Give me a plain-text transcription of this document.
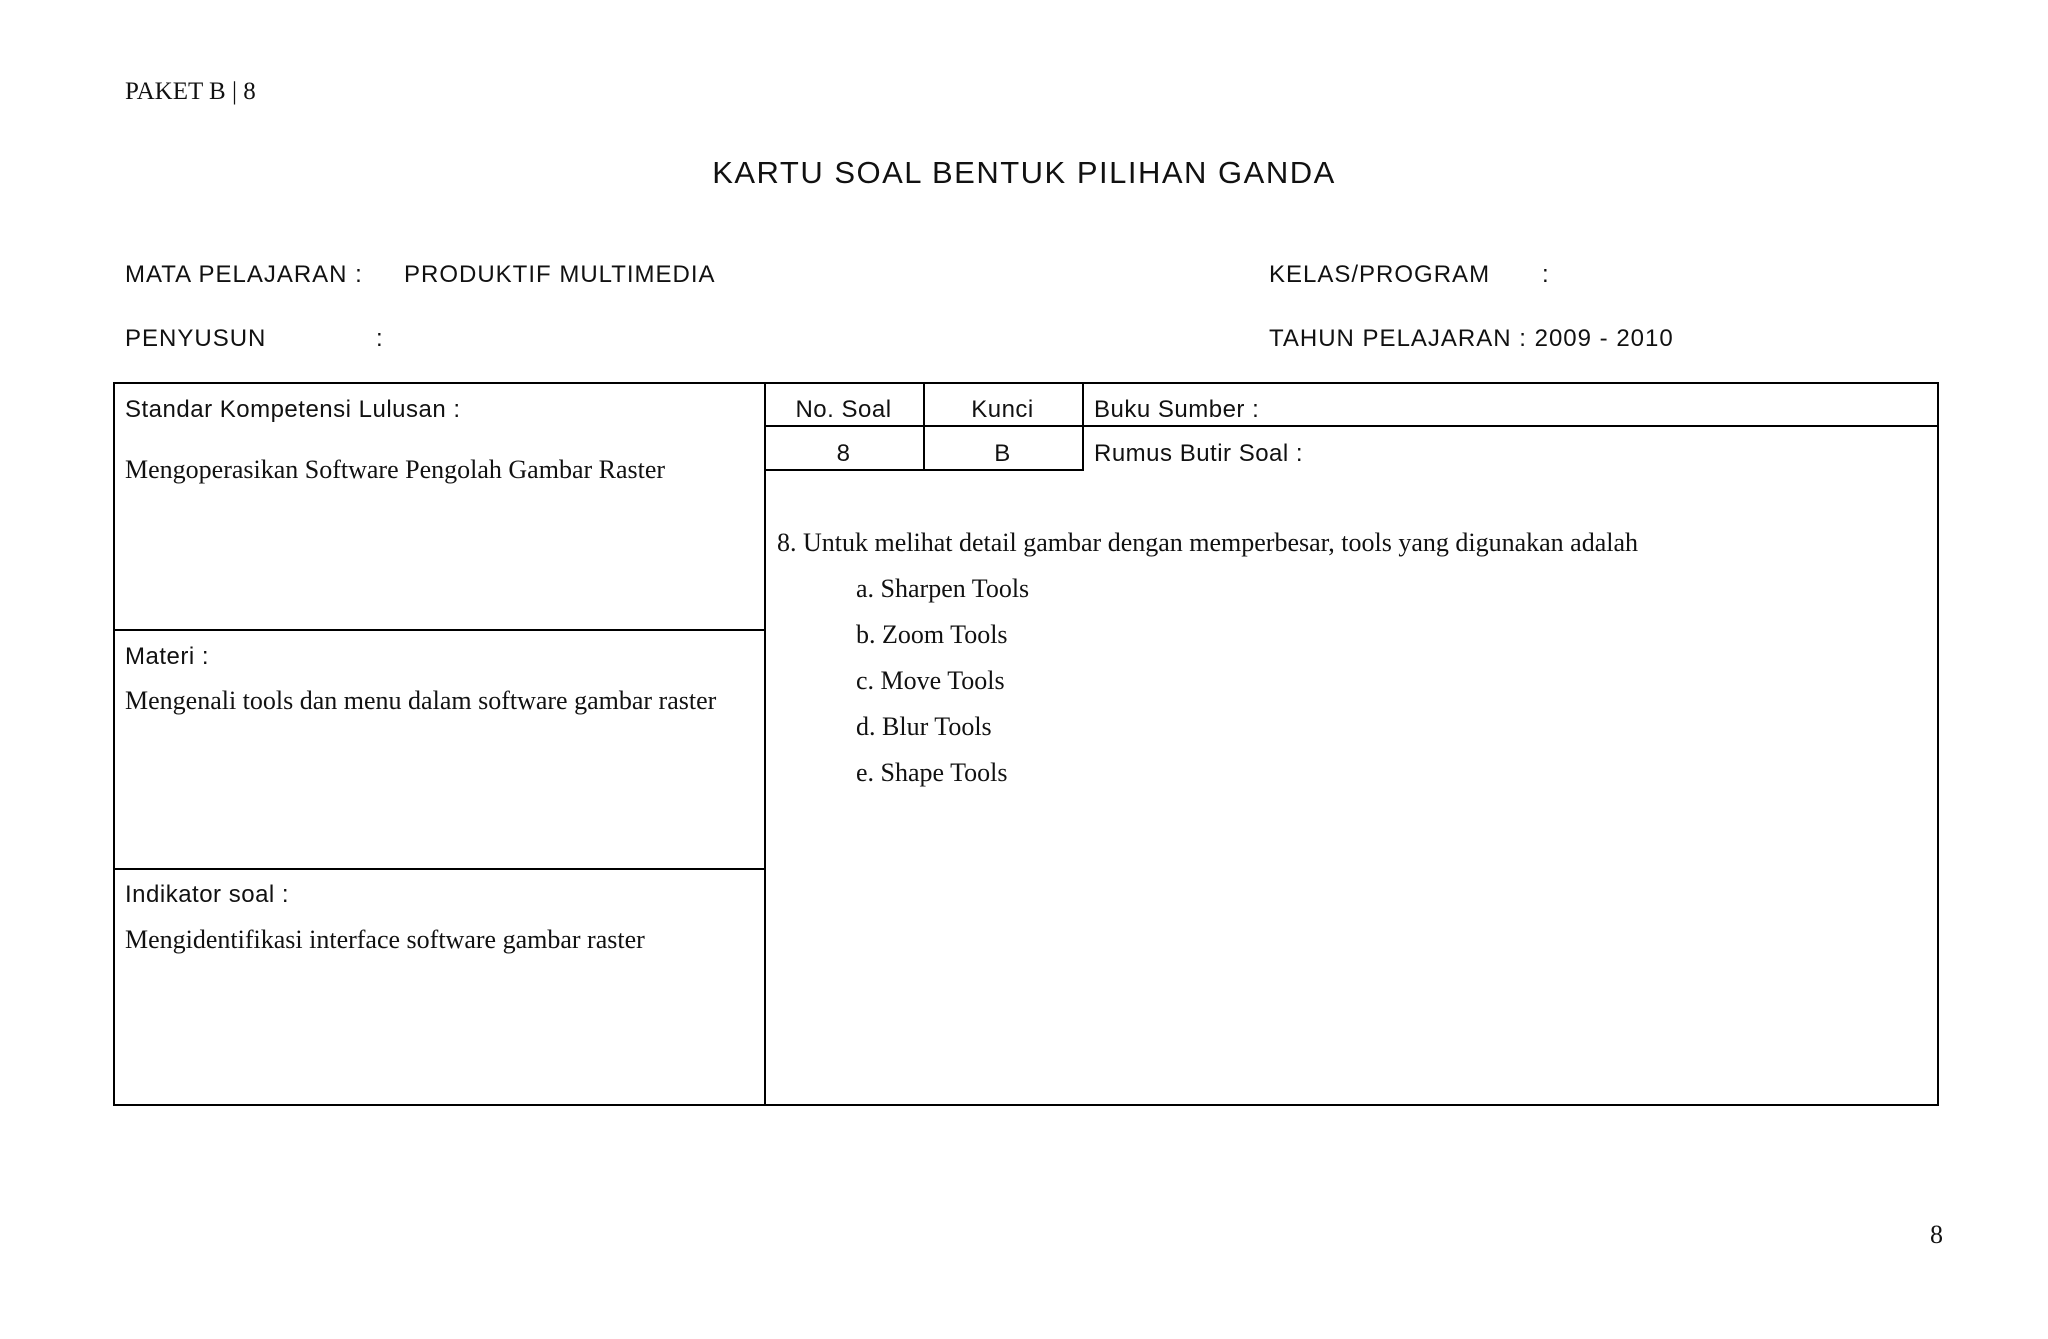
PAKET B | 8
KARTU SOAL BENTUK PILIHAN GANDA
MATA PELAJARAN : PRODUKTIF MULTIMEDIA	KELAS/PROGRAM :
PENYUSUN	:	TAHUN PELAJARAN : 2009 - 2010
Standar Kompetensi Lulusan :
Mengoperasikan Software Pengolah Gambar Raster
Materi :
Mengenali tools dan menu dalam software gambar raster
Indikator soal :
Mengidentifikasi interface software gambar raster
No. Soal	Kunci
8	B
Buku Sumber :
Rumus Butir Soal :
8. Untuk melihat detail gambar dengan memperbesar, tools yang digunakan adalah
a. Sharpen Tools
b. Zoom Tools
c. Move Tools
d. Blur Tools
e. Shape Tools
8
